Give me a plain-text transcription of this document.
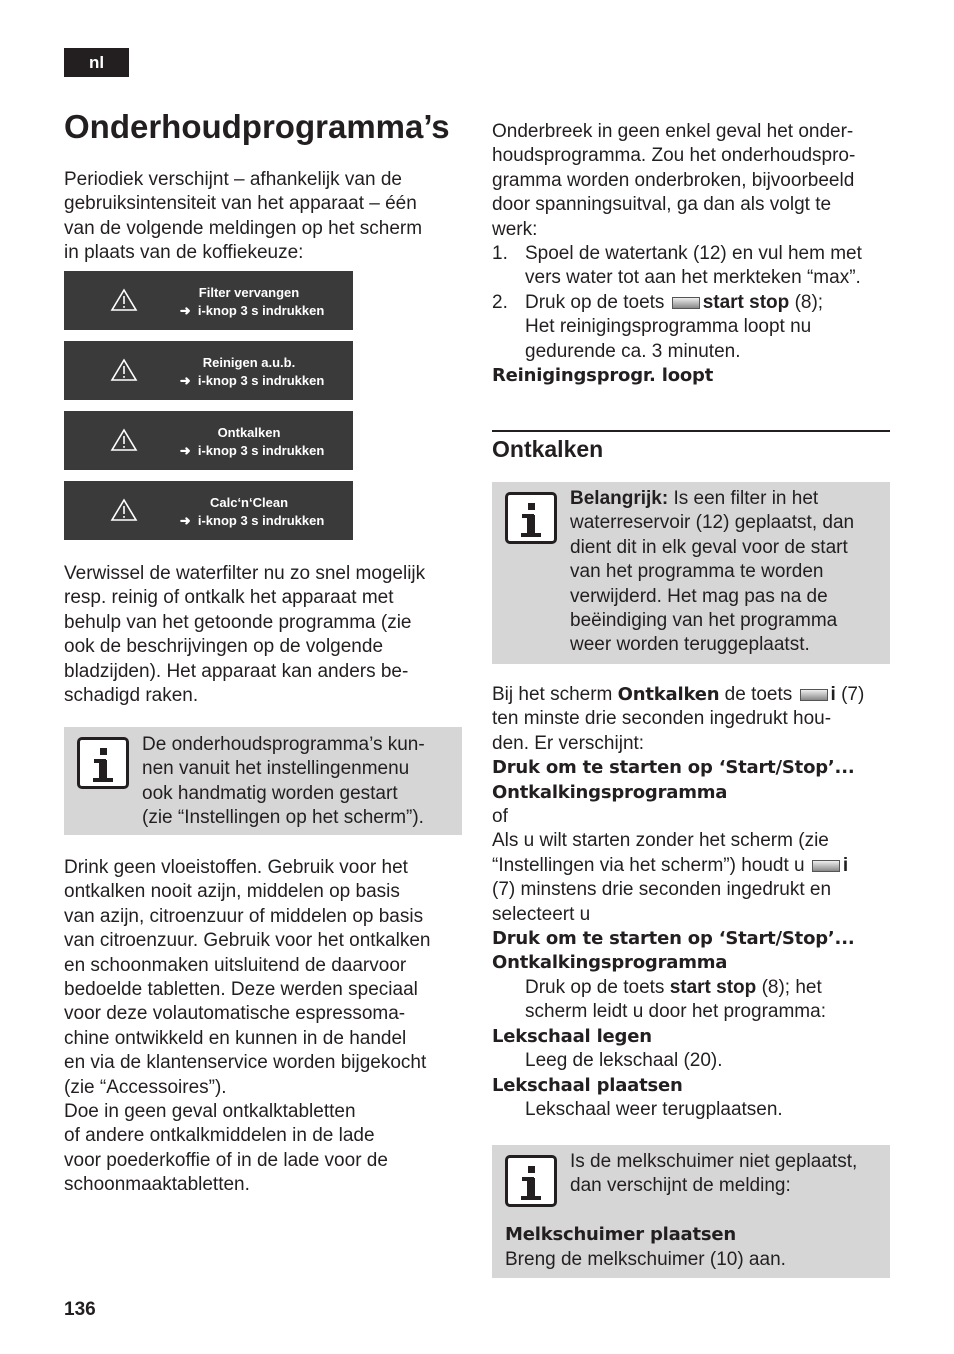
nl
Onderhoudprogramma’s
Periodiek verschijnt – afhankelijk van de
gebruiksintensiteit van het apparaat – één
van de volgende meldingen op het scherm
in plaats van de koffiekeuze:
Filter vervangen
➜ i-knop 3 s indrukken
Reinigen a.u.b.
➜ i-knop 3 s indrukken
Ontkalken
➜ i-knop 3 s indrukken
Calc‘n‘Clean
➜ i-knop 3 s indrukken
Verwissel de waterfilter nu zo snel mogelijk
resp. reinig of ontkalk het apparaat met
behulp van het getoonde programma (zie
ook de beschrijvingen op de volgende
bladzijden). Het apparaat kan anders be-
schadigd raken.
De onderhoudsprogramma’s kun-
nen vanuit het instellingenmenu
ook handmatig worden gestart
(zie “Instellingen op het scherm”).
Drink geen vloeistoffen. Gebruik voor het
ontkalken nooit azijn, middelen op basis
van azijn, citroenzuur of middelen op basis
van citroenzuur. Gebruik voor het ontkalken
en schoonmaken uitsluitend de daarvoor
bedoelde tabletten. Deze werden speciaal
voor deze volautomatische espressoma-
chine ontwikkeld en kunnen in de handel
en via de klantenservice worden bijgekocht
(zie “Accessoires”).
Doe in geen geval ontkalktabletten
of andere ontkalkmiddelen in de lade
voor poederkoffie of in de lade voor de
schoonmaaktabletten.
Onderbreek in geen enkel geval het onder-
houdsprogramma. Zou het onderhoudspro-
gramma worden onderbroken, bijvoorbeeld
door spanningsuitval, ga dan als volgt te
werk:
1. Spoel de watertank (12) en vul hem met
vers water tot aan het merkteken “max”.
2. Druk op de toets start stop (8);
Het reinigingsprogramma loopt nu
gedurende ca. 3 minuten.
Reinigingsprogr. loopt
Ontkalken
Belangrijk: Is een filter in het
waterreservoir (12) geplaatst, dan
dient dit in elk geval voor de start
van het programma te worden
verwijderd. Het mag pas na de
beëindiging van het programma
weer worden teruggeplaatst.
Bij het scherm Ontkalken de toets i (7)
ten minste drie seconden ingedrukt hou-
den. Er verschijnt:
Druk om te starten op ‘Start/Stop’...
Ontkalkingsprogramma
of
Als u wilt starten zonder het scherm (zie
“Instellingen via het scherm”) houdt u i
(7) minstens drie seconden ingedrukt en
selecteert u
Druk om te starten op ‘Start/Stop’...
Ontkalkingsprogramma
Druk op de toets start stop (8); het
scherm leidt u door het programma:
Lekschaal legen
Leeg de lekschaal (20).
Lekschaal plaatsen
Lekschaal weer terugplaatsen.
Is de melkschuimer niet geplaatst,
dan verschijnt de melding:
Melkschuimer plaatsen
Breng de melkschuimer (10) aan.
136
